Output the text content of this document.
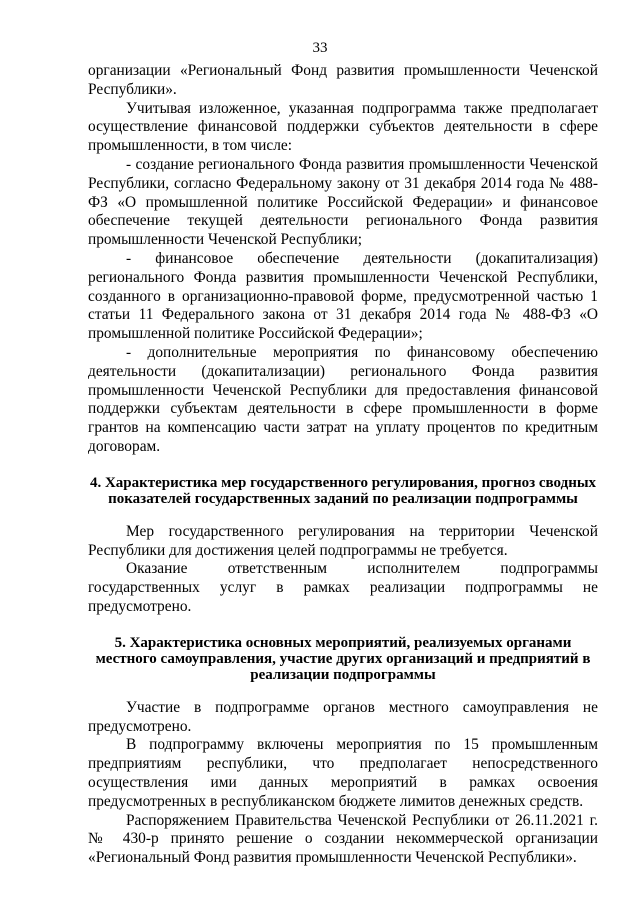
33

организации «Региональный Фонд развития промышленности Чеченской Республики».

Учитывая изложенное, указанная подпрограмма также предполагает осуществление финансовой поддержки субъектов деятельности в сфере промышленности, в том числе:

- создание регионального Фонда развития промышленности Чеченской Республики, согласно Федеральному закону от 31 декабря 2014 года № 488-ФЗ «О промышленной политике Российской Федерации» и финансовое обеспечение текущей деятельности регионального Фонда развития промышленности Чеченской Республики;

- финансовое обеспечение деятельности (докапитализация) регионального Фонда развития промышленности Чеченской Республики, созданного в организационно-правовой форме, предусмотренной частью 1 статьи 11 Федерального закона от 31 декабря 2014 года № 488-ФЗ «О промышленной политике Российской Федерации»;

- дополнительные мероприятия по финансовому обеспечению деятельности (докапитализации) регионального Фонда развития промышленности Чеченской Республики для предоставления финансовой поддержки субъектам деятельности в сфере промышленности в форме грантов на компенсацию части затрат на уплату процентов по кредитным договорам.

4. Характеристика мер государственного регулирования, прогноз сводных показателей государственных заданий по реализации подпрограммы

Мер государственного регулирования на территории Чеченской Республики для достижения целей подпрограммы не требуется.

Оказание ответственным исполнителем подпрограммы государственных услуг в рамках реализации подпрограммы не предусмотрено.

5. Характеристика основных мероприятий, реализуемых органами местного самоуправления, участие других организаций и предприятий в реализации подпрограммы

Участие в подпрограмме органов местного самоуправления не предусмотрено.

В подпрограмму включены мероприятия по 15 промышленным предприятиям республики, что предполагает непосредственного осуществления ими данных мероприятий в рамках освоения предусмотренных в республиканском бюджете лимитов денежных средств.

Распоряжением Правительства Чеченской Республики от 26.11.2021 г. № 430-р принято решение о создании некоммерческой организации «Региональный Фонд развития промышленности Чеченской Республики».
